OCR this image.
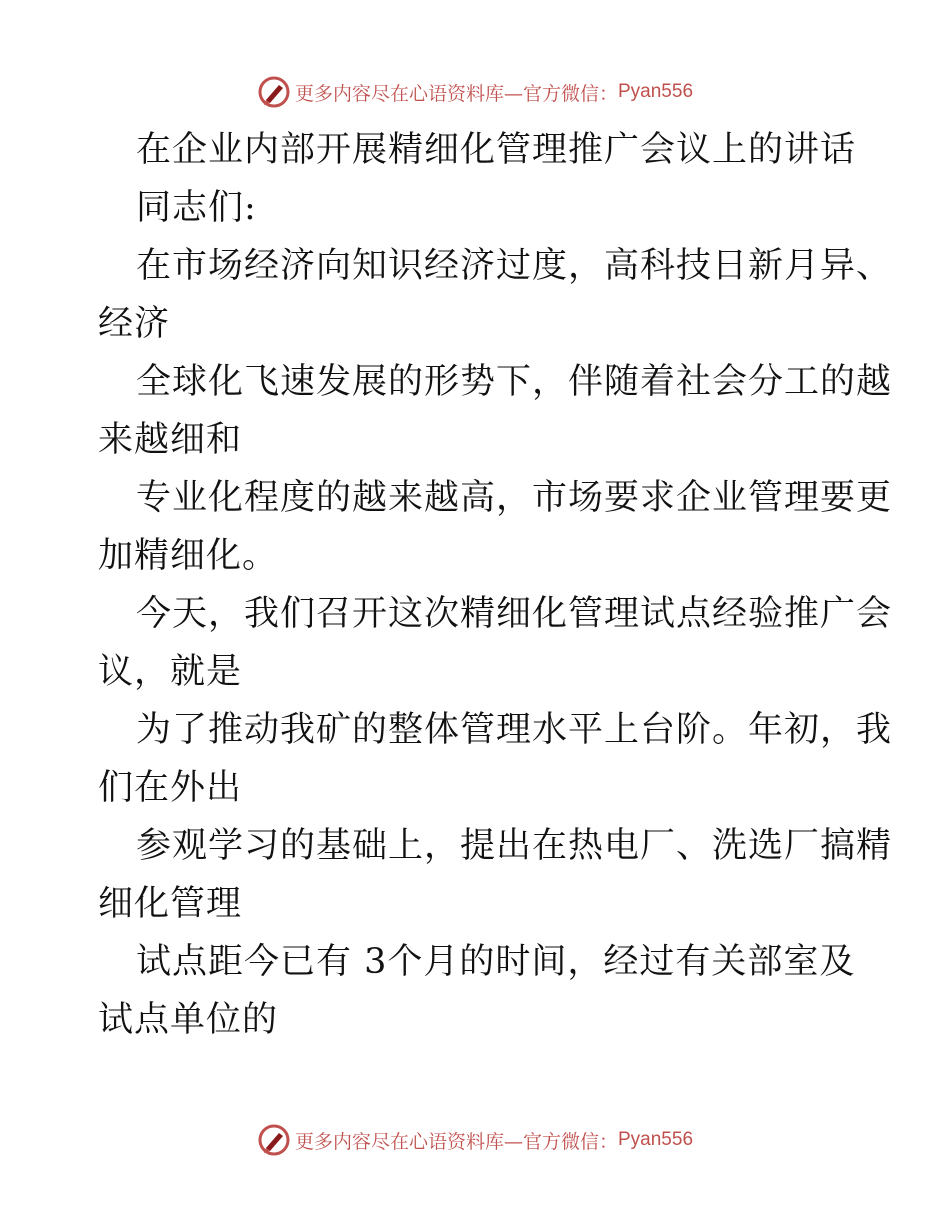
更多内容尽在心语资料库—官方微信： Pyan556
在企业内部开展精细化管理推广会议上的讲话
同志们:
在市场经济向知识经济过度，高科技日新月异、
经济
全球化飞速发展的形势下，伴随着社会分工的越
来越细和
专业化程度的越来越高，市场要求企业管理要更
加精细化。
今天，我们召开这次精细化管理试点经验推广会
议，就是
为了推动我矿的整体管理水平上台阶。年初，我
们在外出
参观学习的基础上，提出在热电厂、洗选厂搞精
细化管理
试点距今已有 3个月的时间，经过有关部室及
试点单位的
更多内容尽在心语资料库—官方微信： Pyan556
